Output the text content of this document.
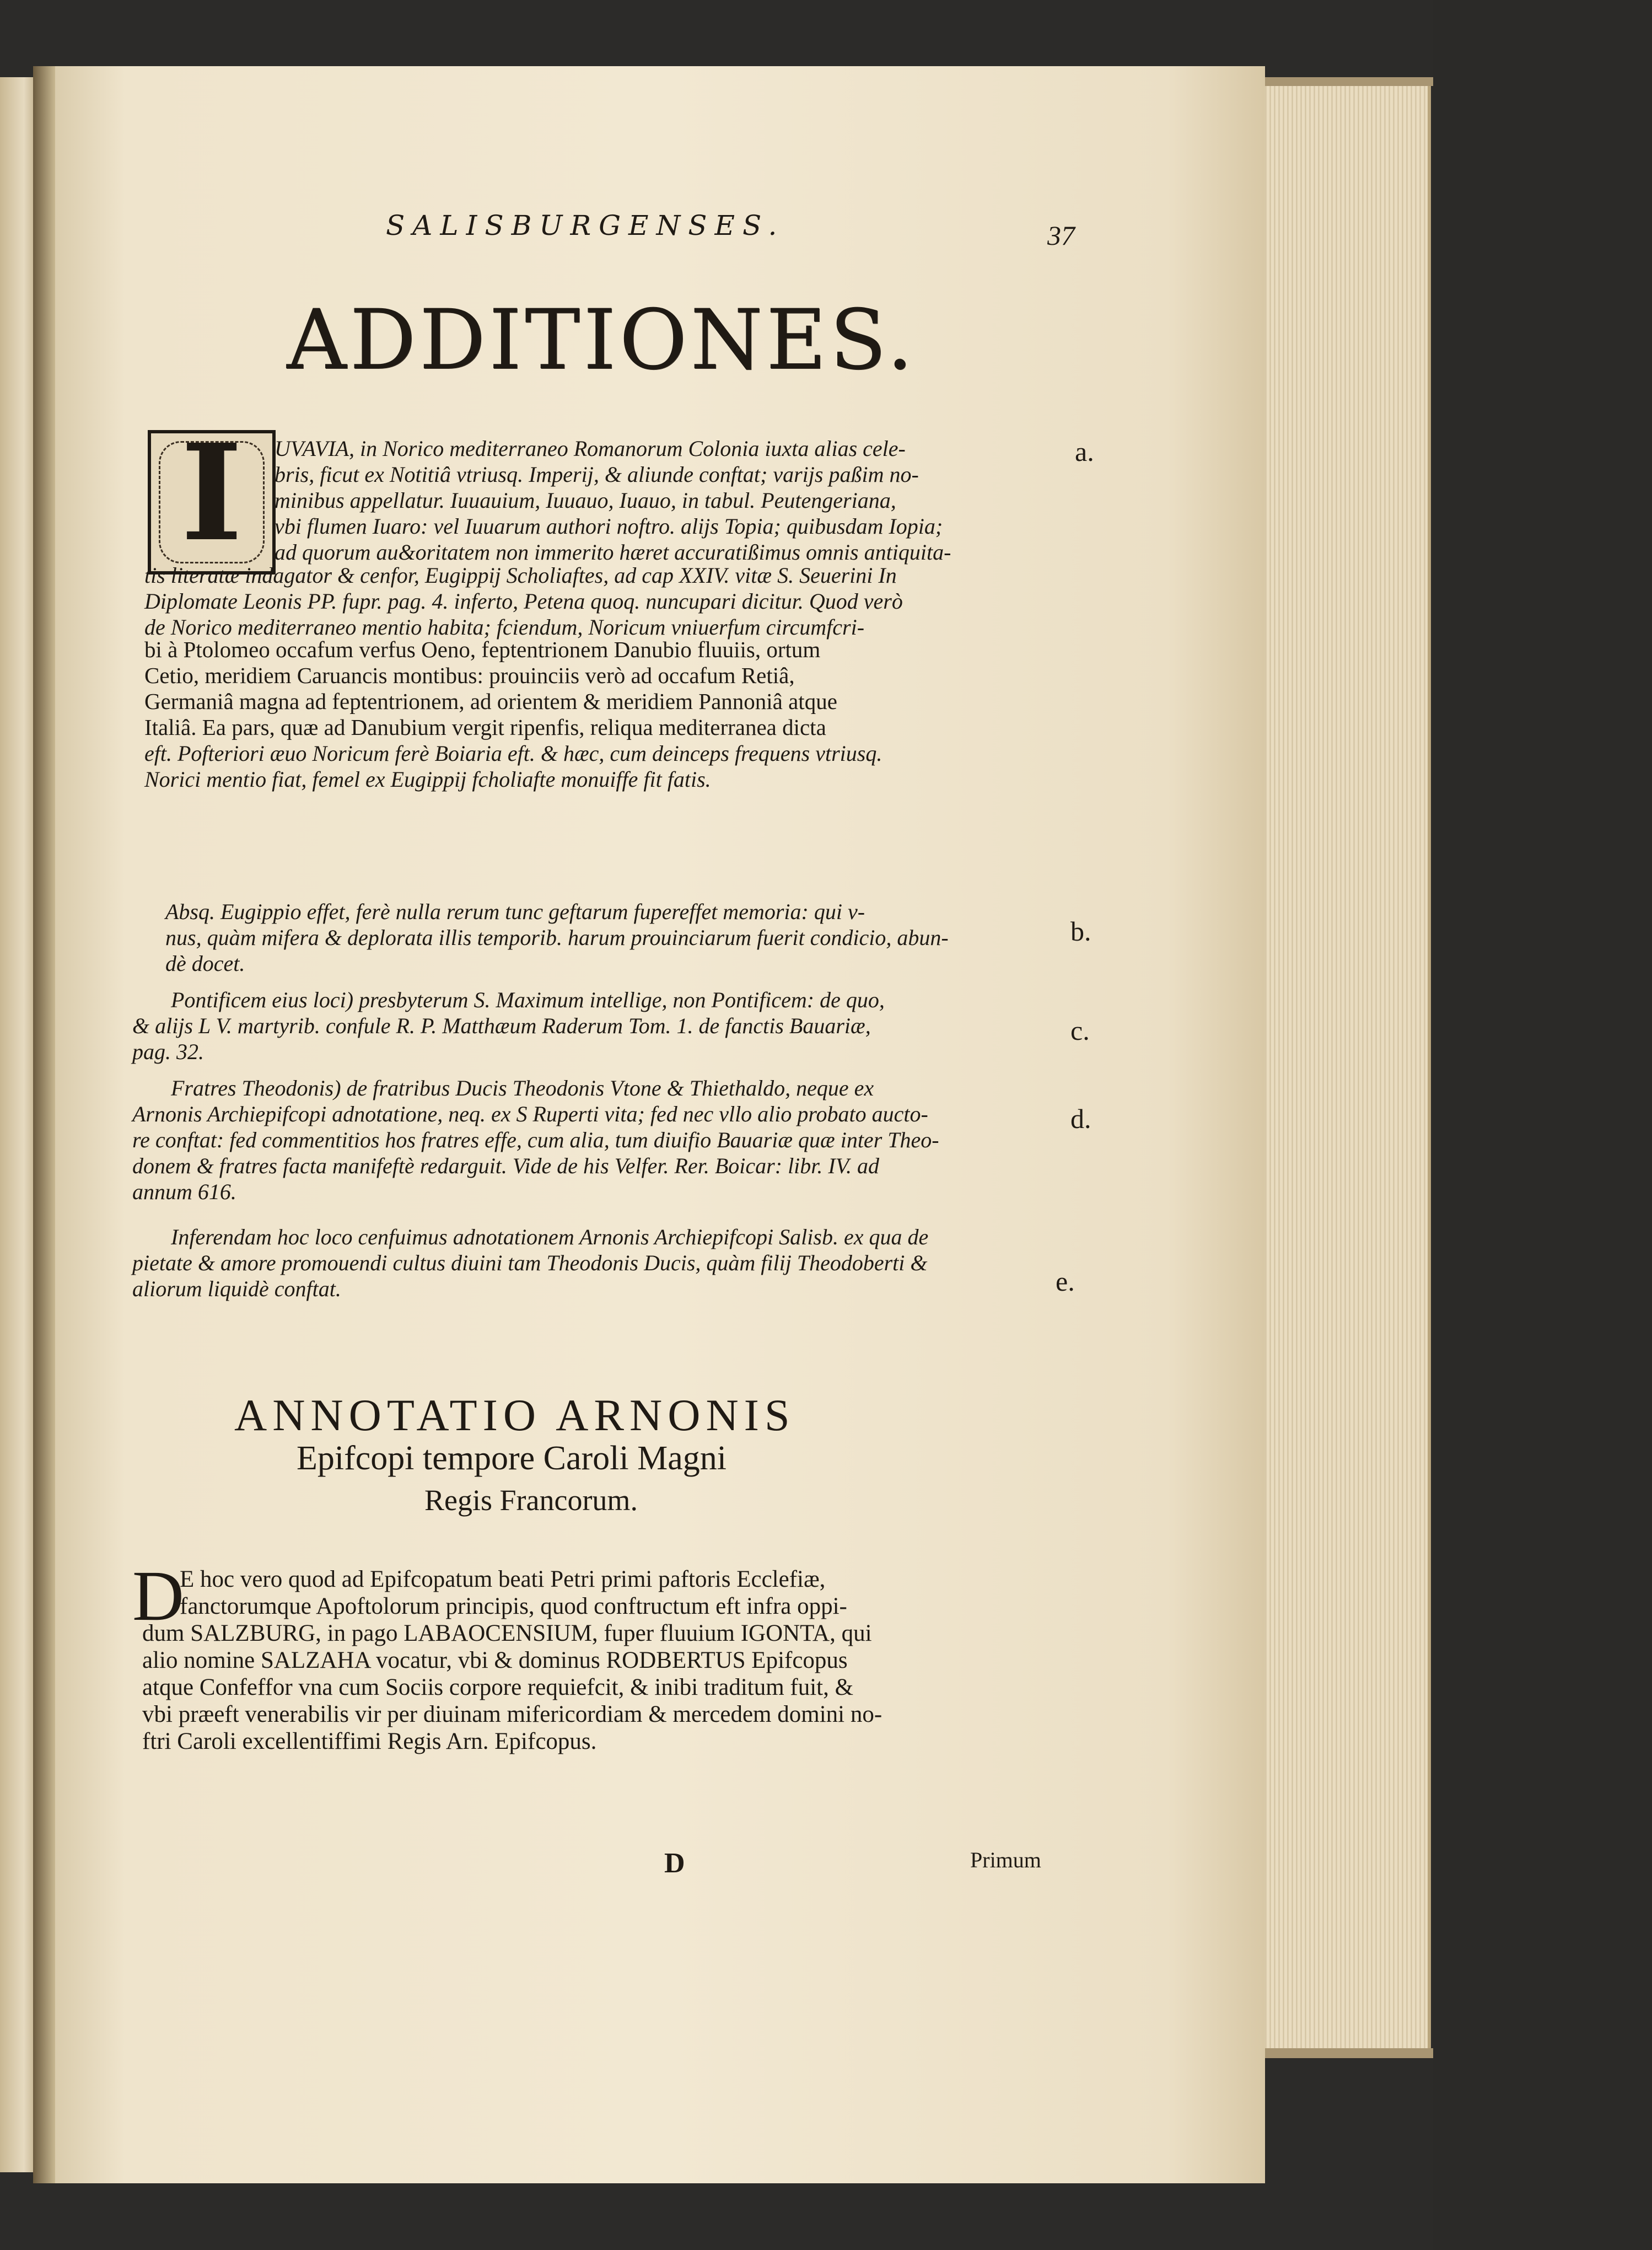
SALISBURGENSES.	37
ADDITIONES.
I	UVAVIA, in Norico mediterraneo Romanorum Colonia iuxta alias cele-
bris, ficut ex Notitiâ vtriusq. Imperij, & aliunde conftat; varijs paßim no-
minibus appellatur. Iuuauium, Iuuauo, Iuauo, in tabul. Peutengeriana,
vbi flumen Iuaro: vel Iuuarum authori noftro. alijs Topia; quibusdam Iopia;
ad quorum au&oritatem non immerito hæret accuratißimus omnis antiquita-
tis literatæ indagator & cenfor, Eugippij Scholiaftes, ad cap XXIV. vitæ S. Seuerini In
Diplomate Leonis PP. fupr. pag. 4. inferto, Petena quoq. nuncupari dicitur. Quod verò
de Norico mediterraneo mentio habita; fciendum, Noricum vniuerfum circumfcri-
bi à Ptolomeo occafum verfus Oeno, feptentrionem Danubio fluuiis, ortum
Cetio, meridiem Caruancis montibus: prouinciis verò ad occafum Retiâ,
Germaniâ magna ad feptentrionem, ad orientem & meridiem Pannoniâ atque
Italiâ. Ea pars, quæ ad Danubium vergit ripenfis, reliqua mediterranea dicta
eft. Pofteriori æuo Noricum ferè Boiaria eft. & hæc, cum deinceps frequens vtriusq.
Norici mentio fiat, femel ex Eugippij fcholiafte monuiffe fit fatis.
Absq. Eugippio effet, ferè nulla rerum tunc geftarum fupereffet memoria: qui v-
nus, quàm mifera & deplorata illis temporib. harum prouinciarum fuerit condicio, abun-
dè docet.
Pontificem eius loci) presbyterum S. Maximum intellige, non Pontificem: de quo,
& alijs L V. martyrib. confule R. P. Matthæum Raderum Tom. 1. de fanctis Bauariæ,
pag. 32.
Fratres Theodonis) de fratribus Ducis Theodonis Vtone & Thiethaldo, neque ex
Arnonis Archiepifcopi adnotatione, neq. ex S Ruperti vita; fed nec vllo alio probato aucto-
re conftat: fed commentitios hos fratres effe, cum alia, tum diuifio Bauariæ quæ inter Theo-
donem & fratres facta manifeftè redarguit. Vide de his Velfer. Rer. Boicar: libr. IV. ad
annum 616.
Inferendam hoc loco cenfuimus adnotationem Arnonis Archiepifcopi Salisb. ex qua de
pietate & amore promouendi cultus diuini tam Theodonis Ducis, quàm filij Theodoberti &
aliorum liquidè conftat.
a.
b.
c.
d.
e.
ANNOTATIO ARNONIS
Epifcopi tempore Caroli Magni
Regis Francorum.
D
E hoc vero quod ad Epifcopatum beati Petri primi paftoris Ecclefiæ,
fanctorumque Apoftolorum principis, quod conftructum eft infra oppi-
dum SALZBURG, in pago LABAOCENSIUM, fuper fluuium IGONTA, qui
alio nomine SALZAHA vocatur, vbi & dominus RODBERTUS Epifcopus
atque Confeffor vna cum Sociis corpore requiefcit, & inibi traditum fuit, &
vbi præeft venerabilis vir per diuinam mifericordiam & mercedem domini no-
ftri Caroli excellentiffimi Regis Arn. Epifcopus.
D	Primum
